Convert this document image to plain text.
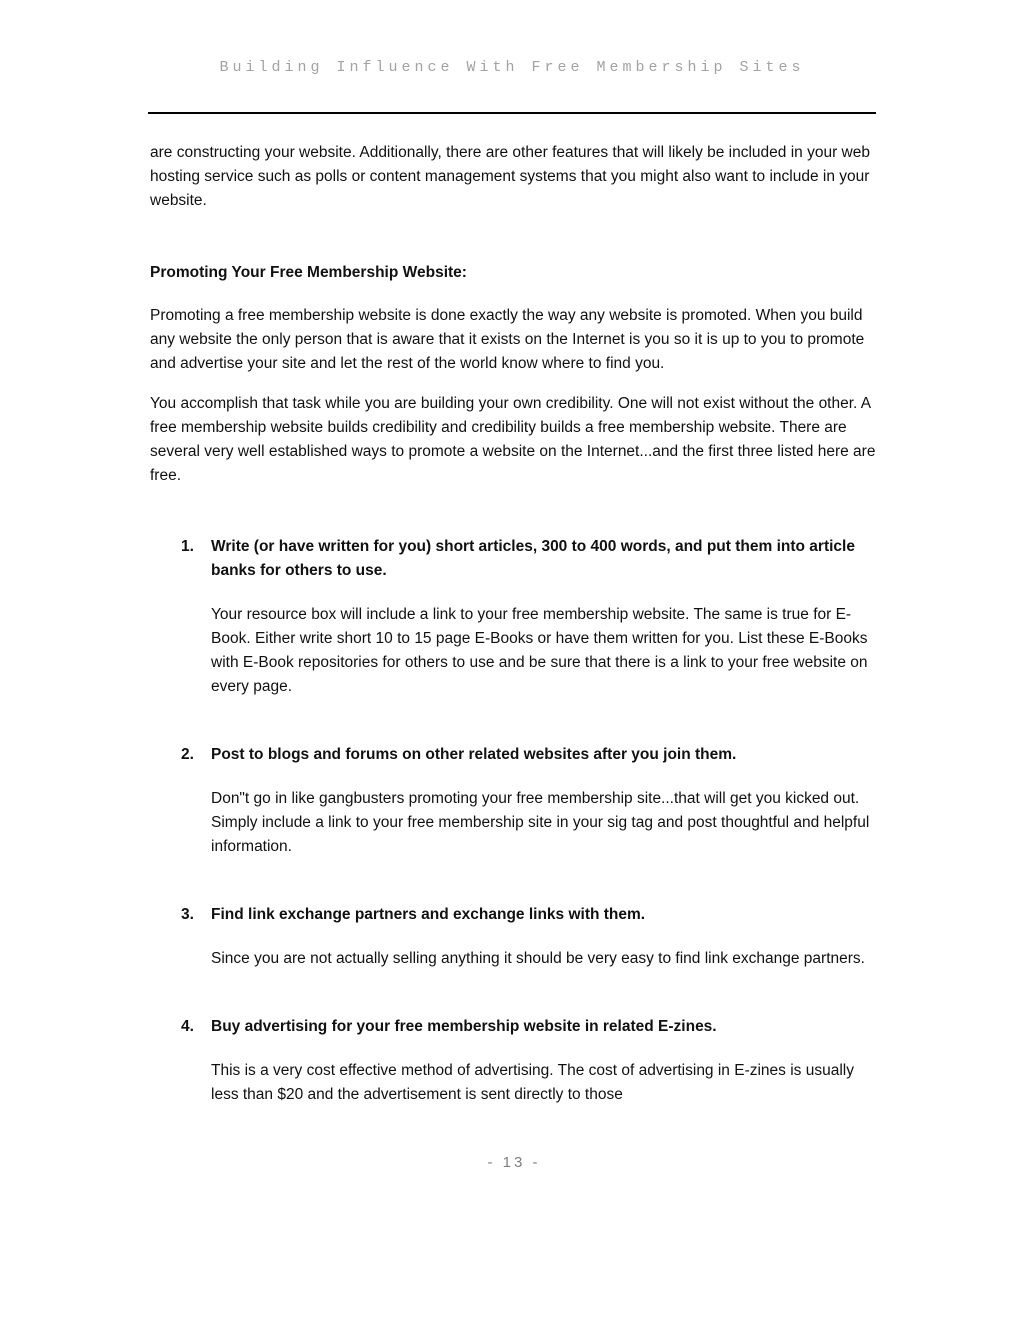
Building Influence With Free Membership Sites

are constructing your website. Additionally, there are other features that will likely be included in your web hosting service such as polls or content management systems that you might also want to include in your website.

Promoting Your Free Membership Website:

Promoting a free membership website is done exactly the way any website is promoted. When you build any website the only person that is aware that it exists on the Internet is you so it is up to you to promote and advertise your site and let the rest of the world know where to find you.

You accomplish that task while you are building your own credibility. One will not exist without the other. A free membership website builds credibility and credibility builds a free membership website. There are several very well established ways to promote a website on the Internet...and the first three listed here are free.

1.	Write (or have written for you) short articles, 300 to 400 words, and put them into article banks for others to use.

Your resource box will include a link to your free membership website. The same is true for E-Book. Either write short 10 to 15 page E-Books or have them written for you. List these E-Books with E-Book repositories for others to use and be sure that there is a link to your free website on every page.

2.	Post to blogs and forums on other related websites after you join them.

Don"t go in like gangbusters promoting your free membership site...that will get you kicked out. Simply include a link to your free membership site in your sig tag and post thoughtful and helpful information.

3.	Find link exchange partners and exchange links with them.

Since you are not actually selling anything it should be very easy to find link exchange partners.

4.	Buy advertising for your free membership website in related E-zines.

This is a very cost effective method of advertising. The cost of advertising in E-zines is usually less than $20 and the advertisement is sent directly to those

- 13 -
